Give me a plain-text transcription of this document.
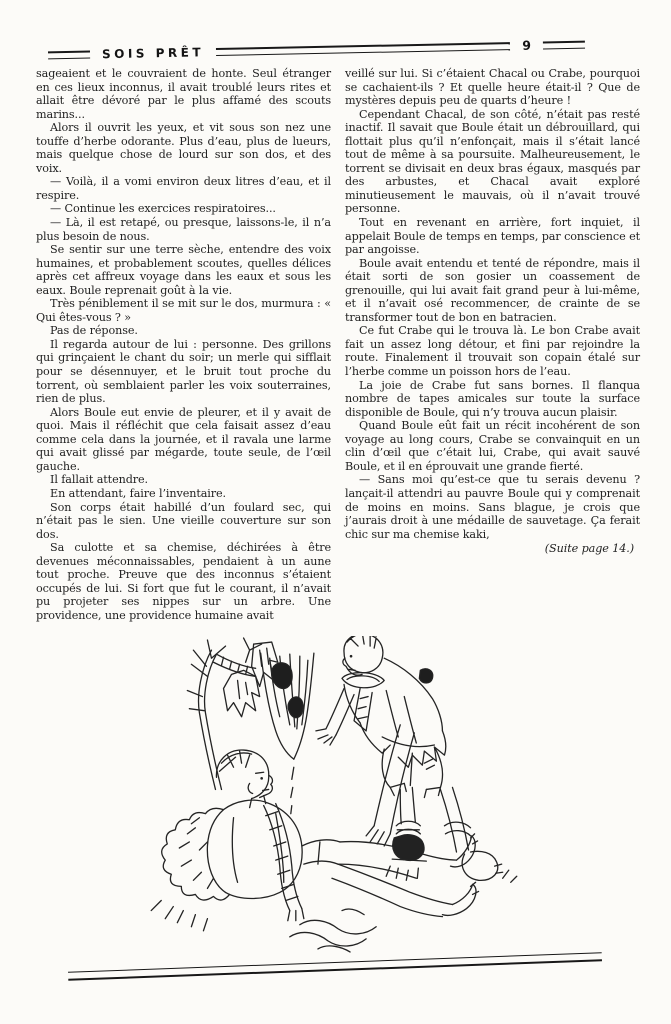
SOIS PRÊT	9

sageaient et le couvraient de honte. Seul étranger en ces lieux inconnus, il avait troublé leurs rites et allait être dévoré par le plus affamé des scouts marins...

Alors il ouvrit les yeux, et vit sous son nez une touffe d’herbe odorante. Plus d’eau, plus de lueurs, mais quelque chose de lourd sur son dos, et des voix.

— Voilà, il a vomi environ deux litres d’eau, et il respire.

— Continue les exercices respiratoires...

— Là, il est retapé, ou presque, laissons-le, il n’a plus besoin de nous.

Se sentir sur une terre sèche, entendre des voix humaines, et probablement scoutes, quelles délices après cet affreux voyage dans les eaux et sous les eaux. Boule reprenait goût à la vie.

Très péniblement il se mit sur le dos, murmura : « Qui êtes-vous ? »

Pas de réponse.

Il regarda autour de lui : personne. Des grillons qui grinçaient le chant du soir; un merle qui sifflait pour se désennuyer, et le bruit tout proche du torrent, où semblaient parler les voix souterraines, rien de plus.

Alors Boule eut envie de pleurer, et il y avait de quoi. Mais il réfléchit que cela faisait assez d’eau comme cela dans la journée, et il ravala une larme qui avait glissé par mégarde, toute seule, de l’œil gauche.

Il fallait attendre.

En attendant, faire l’inventaire.

Son corps était habillé d’un foulard sec, qui n’était pas le sien. Une vieille couverture sur son dos.

Sa culotte et sa chemise, déchirées à être devenues méconnaissables, pendaient à un aune tout proche. Preuve que des inconnus s’étaient occupés de lui. Si fort que fut le courant, il n’avait pu projeter ses nippes sur un arbre. Une providence, une providence humaine avait

veillé sur lui. Si c’étaient Chacal ou Crabe, pourquoi se cachaient-ils ? Et quelle heure était-il ? Que de mystères depuis peu de quarts d’heure !

Cependant Chacal, de son côté, n’était pas resté inactif. Il savait que Boule était un débrouillard, qui flottait plus qu’il n’enfonçait, mais il s’était lancé tout de même à sa poursuite. Malheureusement, le torrent se divisait en deux bras égaux, masqués par des arbustes, et Chacal avait exploré minutieusement le mauvais, où il n’avait trouvé personne.

Tout en revenant en arrière, fort inquiet, il appelait Boule de temps en temps, par conscience et par angoisse.

Boule avait entendu et tenté de répondre, mais il était sorti de son gosier un coassement de grenouille, qui lui avait fait grand peur à lui-même, et il n’avait osé recommencer, de crainte de se transformer tout de bon en batracien.

Ce fut Crabe qui le trouva là. Le bon Crabe avait fait un assez long détour, et fini par rejoindre la route. Finalement il trouvait son copain étalé sur l’herbe comme un poisson hors de l’eau.

La joie de Crabe fut sans bornes. Il flanqua nombre de tapes amicales sur toute la surface disponible de Boule, qui n’y trouva aucun plaisir.

Quand Boule eût fait un récit incohérent de son voyage au long cours, Crabe se convainquit en un clin d’œil que c’était lui, Crabe, qui avait sauvé Boule, et il en éprouvait une grande fierté.

— Sans moi qu’est-ce que tu serais devenu ? lançait-il attendri au pauvre Boule qui y comprenait de moins en moins. Sans blague, je crois que j’aurais droit à une médaille de sauvetage. Ça ferait chic sur ma chemise kaki,

(Suite page 14.)
